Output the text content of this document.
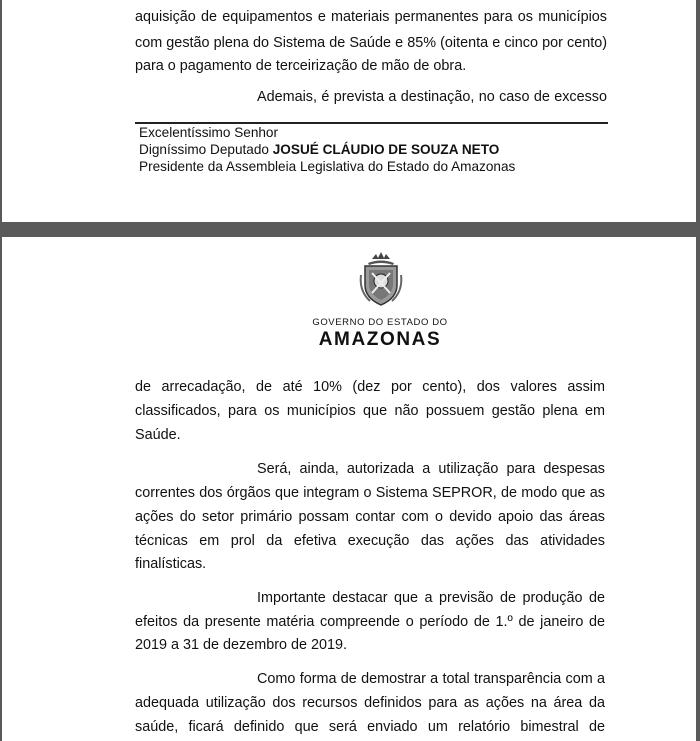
aquisição de equipamentos e materiais permanentes para os municípios
com gestão plena do Sistema de Saúde e 85% (oitenta e cinco por cento)
para o pagamento de terceirização de mão de obra.
Ademais, é prevista a destinação, no caso de excesso
Excelentíssimo Senhor
Digníssimo Deputado JOSUÉ CLÁUDIO DE SOUZA NETO
Presidente da Assembleia Legislativa do Estado do Amazonas
GOVERNO DO ESTADO DO
AMAZONAS
de arrecadação, de até 10% (dez por cento), dos valores assim
classificados, para os municípios que não possuem gestão plena em
Saúde.
Será, ainda, autorizada a utilização para despesas
correntes dos órgãos que integram o Sistema SEPROR, de modo que as
ações do setor primário possam contar com o devido apoio das áreas
técnicas em prol da efetiva execução das ações das atividades
finalísticas.
Importante destacar que a previsão de produção de
efeitos da presente matéria compreende o período de 1.º de janeiro de
2019 a 31 de dezembro de 2019.
Como forma de demostrar a total transparência com a
adequada utilização dos recursos definidos para as ações na área da
saúde, ficará definido que será enviado um relatório bimestral de
